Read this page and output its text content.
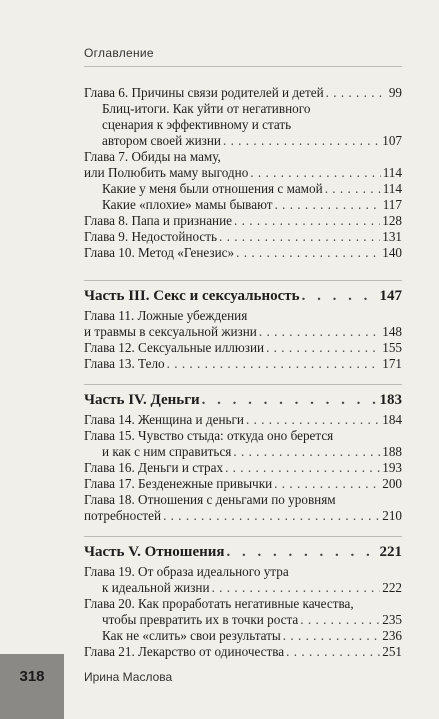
Оглавление
Глава 6. Причины связи родителей и детей . . .	99
Блиц-итоги. Как уйти от негативного
сценария к эффективному и стать
автором своей жизни . . .	107
Глава 7. Обиды на маму,
или Полюбить маму выгодно . . .	114
Какие у меня были отношения с мамой . . .	114
Какие «плохие» мамы бывают . . .	117
Глава 8. Папа и признание . . .	128
Глава 9. Недостойность . . .	131
Глава 10. Метод «Генезис» . . .	140
Часть III. Секс и сексуальность . . .	147
Глава 11. Ложные убеждения
и травмы в сексуальной жизни . . .	148
Глава 12. Сексуальные иллюзии . . .	155
Глава 13. Тело . . .	171
Часть IV. Деньги . . .	183
Глава 14. Женщина и деньги . . .	184
Глава 15. Чувство стыда: откуда оно берется
и как с ним справиться . . .	188
Глава 16. Деньги и страх . . .	193
Глава 17. Безденежные привычки . . .	200
Глава 18. Отношения с деньгами по уровням
потребностей . . .	210
Часть V. Отношения . . .	221
Глава 19. От образа идеального утра
к идеальной жизни . . .	222
Глава 20. Как проработать негативные качества,
чтобы превратить их в точки роста . . .	235
Как не «слить» свои результаты . . .	236
Глава 21. Лекарство от одиночества . . .	251
318	Ирина Маслова
